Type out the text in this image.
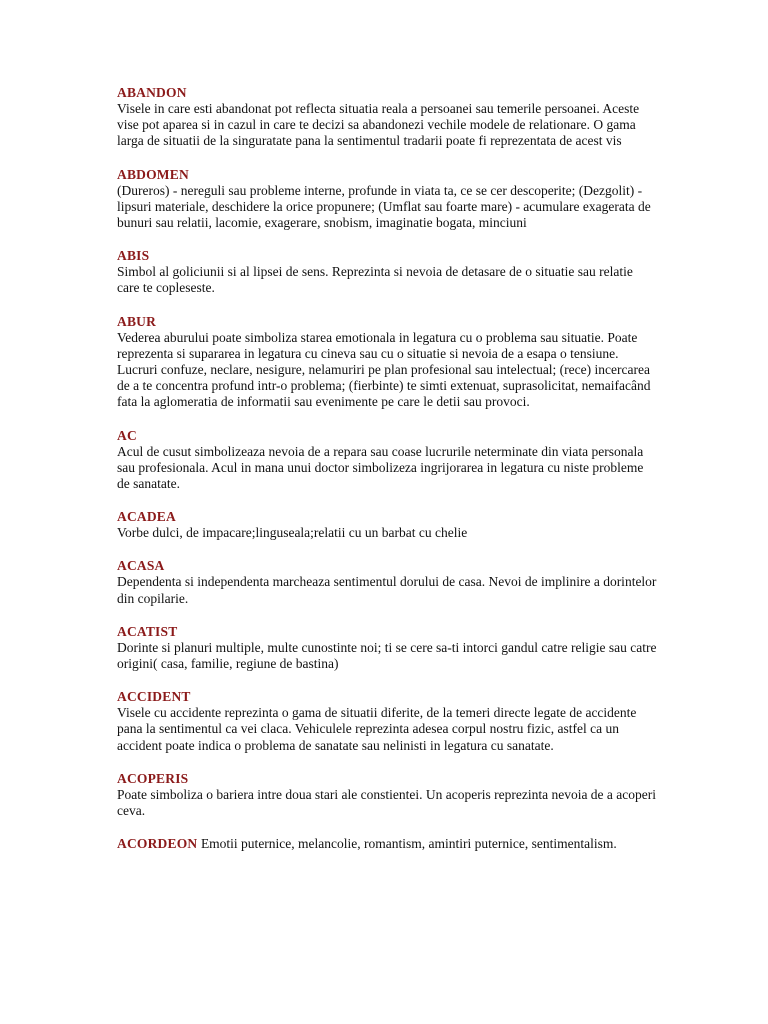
ABANDON
Visele in care esti abandonat pot reflecta situatia reala a persoanei sau temerile persoanei. Aceste vise pot aparea si in cazul in care te decizi sa abandonezi vechile modele de relationare. O gama larga de situatii de la singuratate pana la sentimentul tradarii poate fi reprezentata de acest vis
ABDOMEN
(Dureros) - nereguli sau probleme interne, profunde in viata ta, ce se cer descoperite; (Dezgolit) - lipsuri materiale, deschidere la orice propunere; (Umflat sau foarte mare) - acumulare exagerata de bunuri sau relatii, lacomie, exagerare, snobism, imaginatie bogata, minciuni
ABIS
Simbol al goliciunii si al lipsei de sens. Reprezinta si nevoia de detasare de o situatie sau relatie care te copleseste.
ABUR
Vederea aburului poate simboliza starea emotionala in legatura cu o problema sau situatie. Poate reprezenta si supararea in legatura cu cineva sau cu o situatie si nevoia de a esapa o tensiune. Lucruri confuze, neclare, nesigure, nelamuriri pe plan profesional sau intelectual; (rece) incercarea de a te concentra profund intr-o problema; (fierbinte) te simti extenuat, suprasolicitat, nemaifacând fata la aglomeratia de informatii sau evenimente pe care le detii sau provoci.
AC
Acul de cusut simbolizeaza nevoia de a repara sau coase lucrurile neterminate din viata personala sau profesionala. Acul in mana unui doctor simbolizeza ingrijorarea in legatura cu niste probleme de sanatate.
ACADEA
Vorbe dulci, de impacare;linguseala;relatii cu un barbat cu chelie
ACASA
Dependenta si independenta marcheaza sentimentul dorului de casa. Nevoi de implinire a dorintelor din copilarie.
ACATIST
Dorinte si planuri multiple, multe cunostinte noi; ti se cere sa-ti intorci gandul catre religie sau catre origini( casa, familie, regiune de bastina)
ACCIDENT
Visele cu accidente reprezinta o gama de situatii diferite, de la temeri directe legate de accidente pana la sentimentul ca vei claca. Vehiculele reprezinta adesea corpul nostru fizic, astfel ca un accident poate indica o problema de sanatate sau nelinisti in legatura cu sanatate.
ACOPERIS
Poate simboliza o bariera intre doua stari ale constientei. Un acoperis reprezinta nevoia de a acoperi ceva.
ACORDEON Emotii puternice, melancolie, romantism, amintiri puternice, sentimentalism.
